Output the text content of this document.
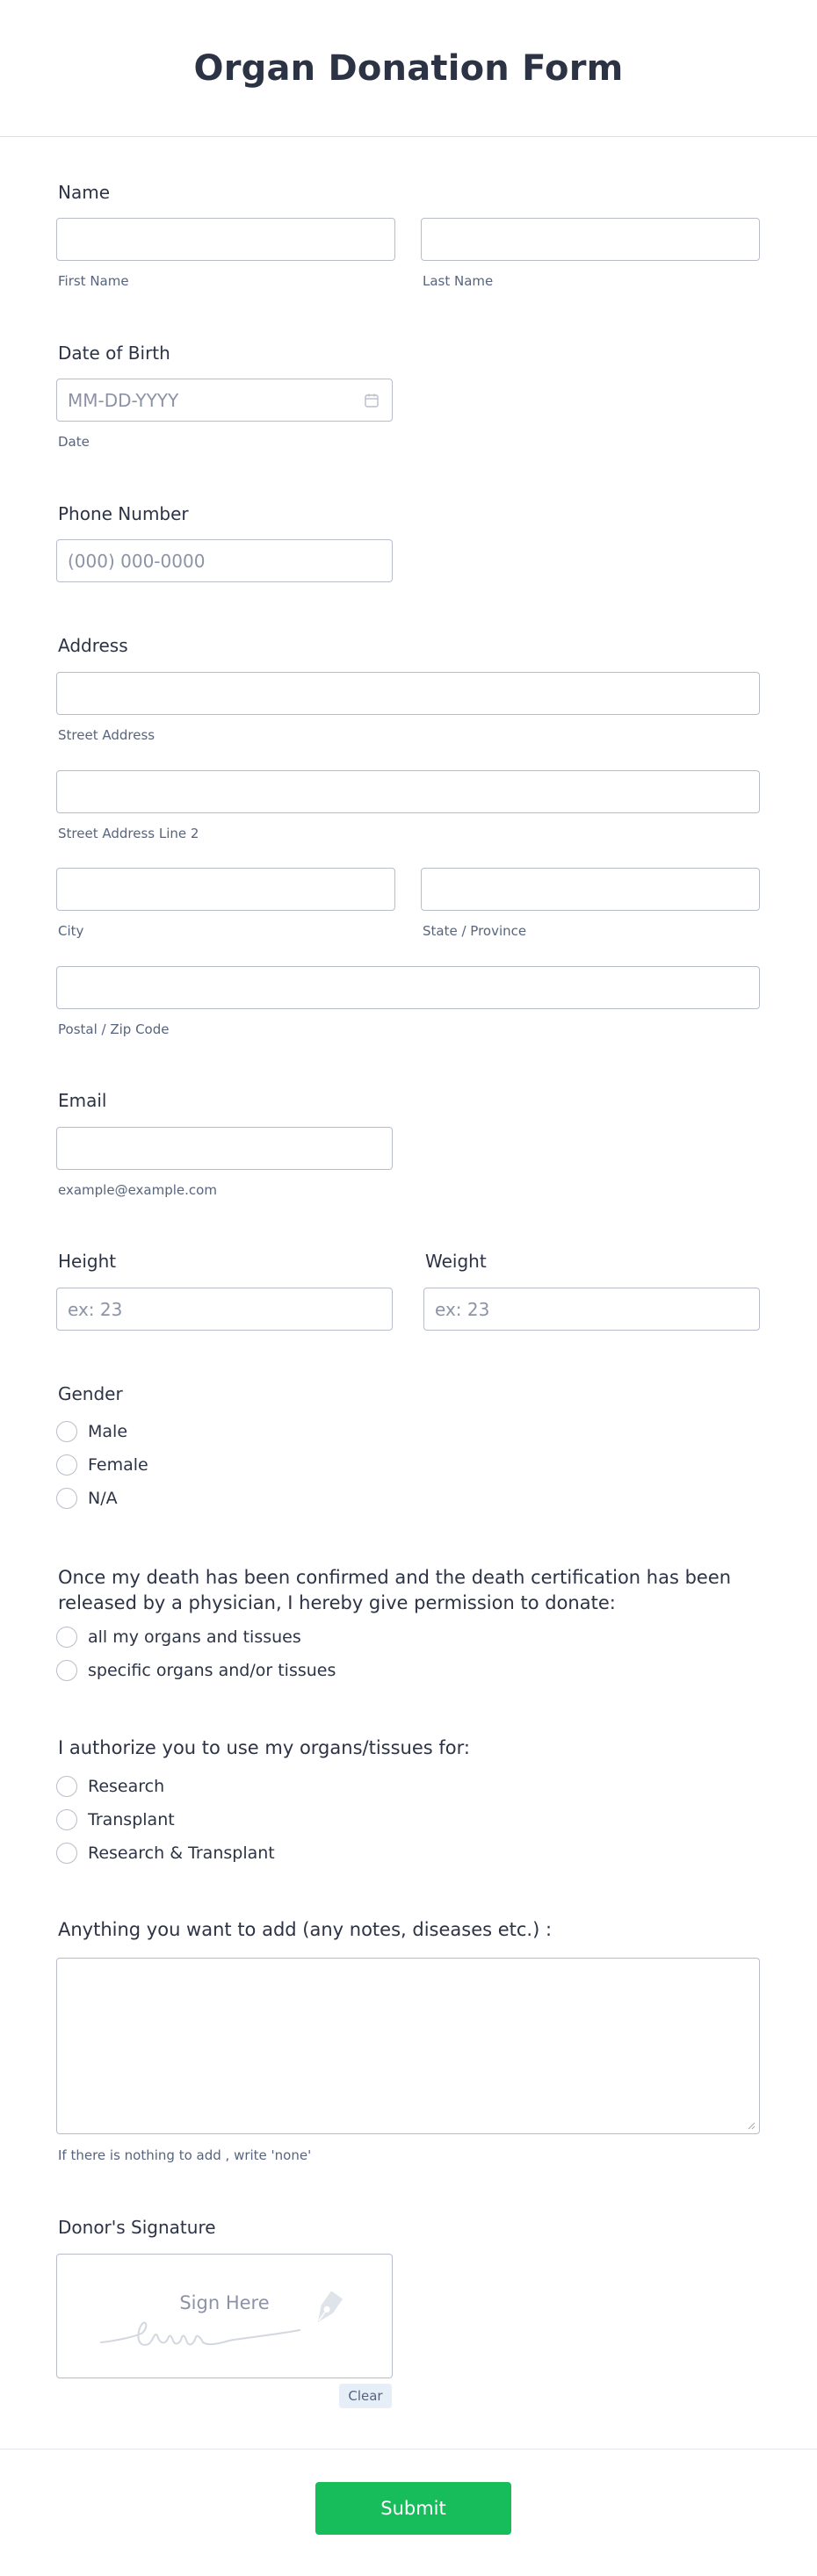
Organ Donation Form
Name
First Name	Last Name
Date of Birth
MM-DD-YYYY
Date
Phone Number
(000) 000-0000
Address
Street Address
Street Address Line 2
City	State / Province
Postal / Zip Code
Email
example@example.com
Height	Weight
ex: 23
ex: 23
Gender
Male
Female
N/A
Once my death has been confirmed and the death certification has been released by a physician, I hereby give permission to donate:
all my organs and tissues
specific organs and/or tissues
I authorize you to use my organs/tissues for:
Research
Transplant
Research & Transplant
Anything you want to add (any notes, diseases etc.) :
If there is nothing to add , write 'none'
Donor's Signature
Sign Here
Clear
Submit
